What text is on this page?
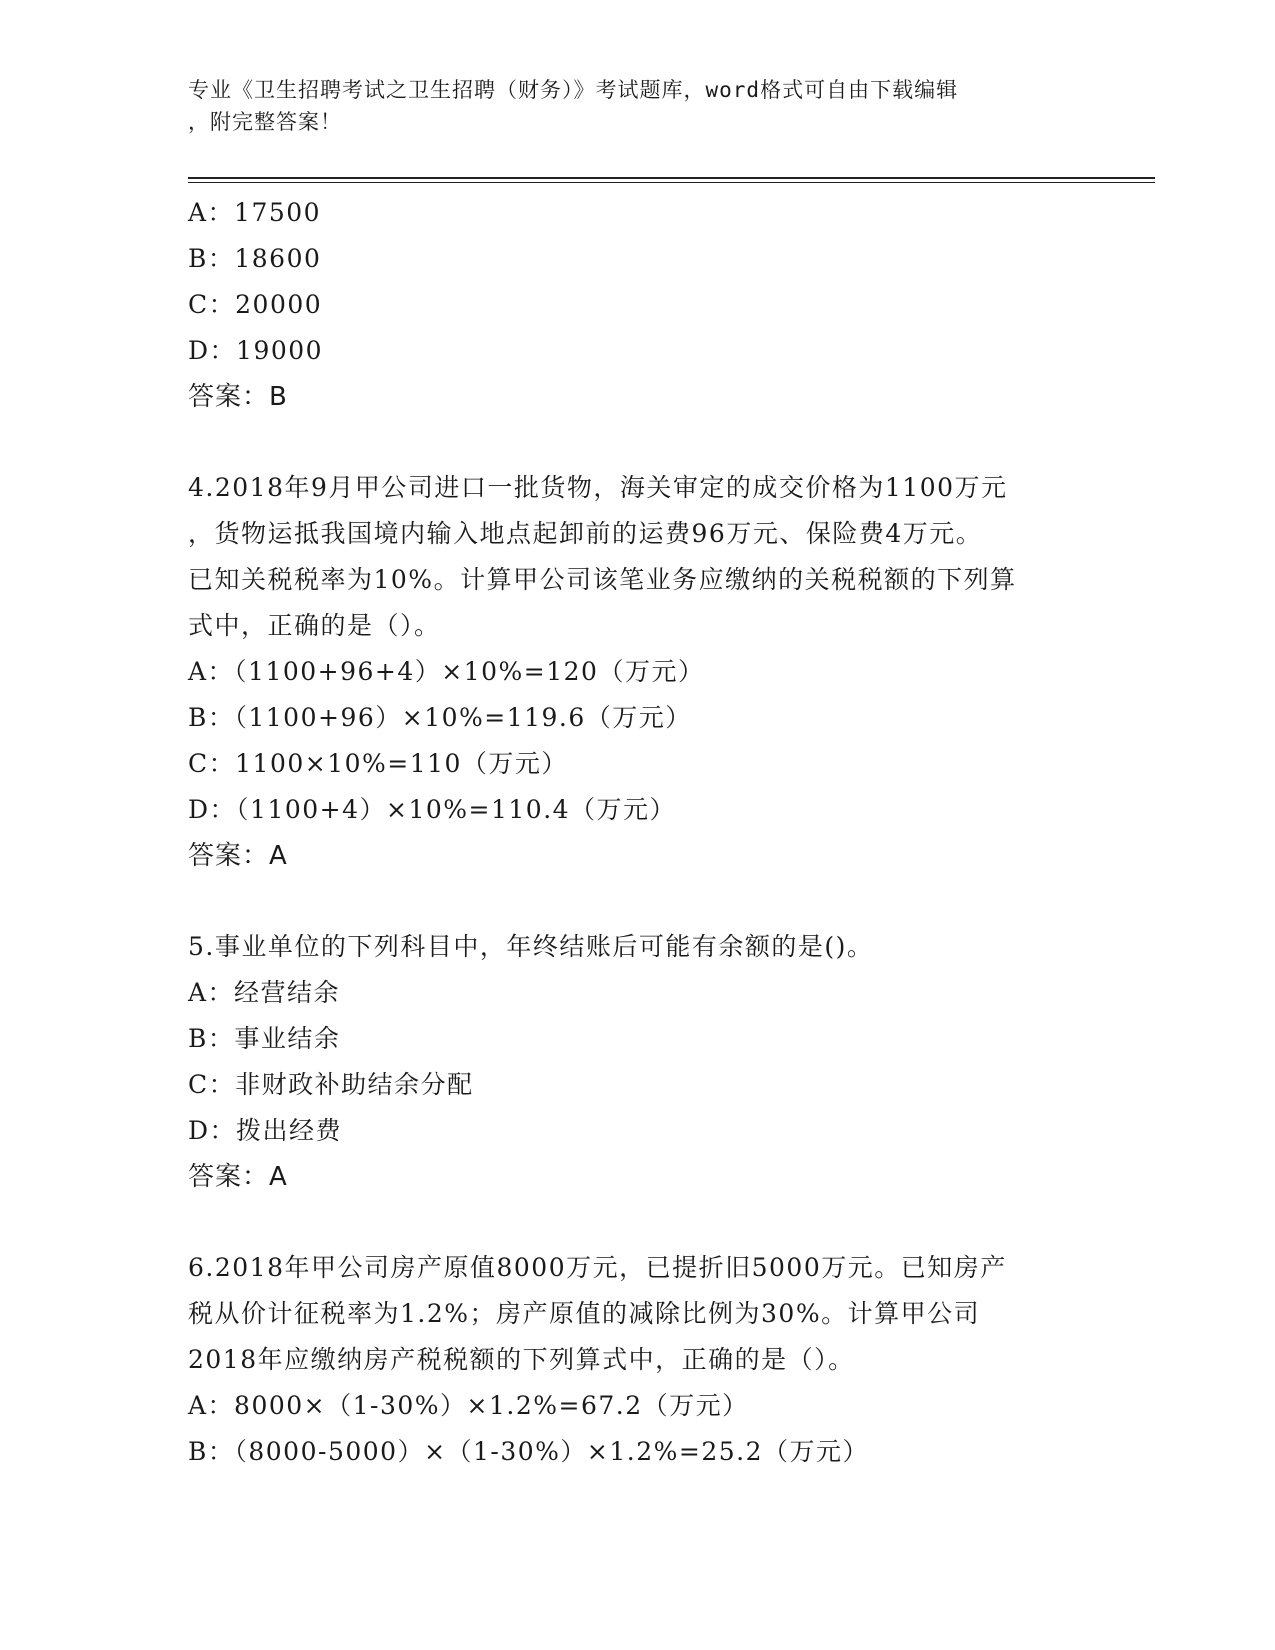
专业《卫生招聘考试之卫生招聘（财务）》考试题库，word格式可自由下载编辑
，附完整答案！
A：17500
B：18600
C：20000
D：19000
答案：B
4.2018年9月甲公司进口一批货物，海关审定的成交价格为1100万元
，货物运抵我国境内输入地点起卸前的运费96万元、保险费4万元。
已知关税税率为10%。计算甲公司该笔业务应缴纳的关税税额的下列算
式中，正确的是（）。
A：（1100+96+4）×10%=120（万元）
B：（1100+96）×10%=119.6（万元）
C：1100×10%=110（万元）
D：（1100+4）×10%=110.4（万元）
答案：A
5.事业单位的下列科目中，年终结账后可能有余额的是()。
A：经营结余
B：事业结余
C：非财政补助结余分配
D：拨出经费
答案：A
6.2018年甲公司房产原值8000万元，已提折旧5000万元。已知房产
税从价计征税率为1.2%；房产原值的减除比例为30%。计算甲公司
2018年应缴纳房产税税额的下列算式中，正确的是（）。
A：8000×（1-30%）×1.2%=67.2（万元）
B：（8000-5000）×（1-30%）×1.2%=25.2（万元）
